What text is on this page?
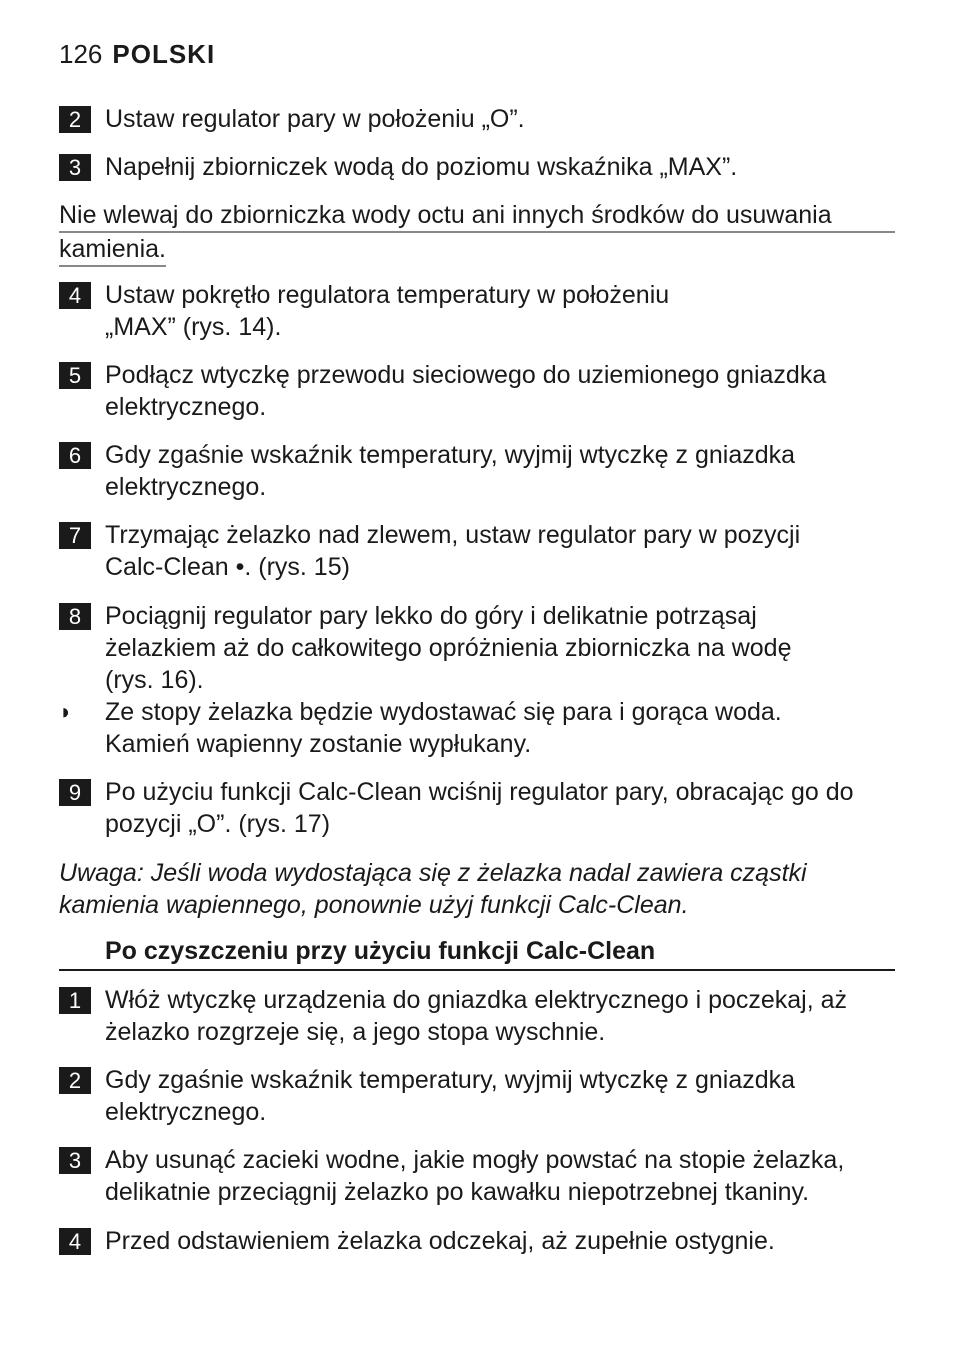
126 POLSKI
2 Ustaw regulator pary w położeniu „O”.
3 Napełnij zbiorniczek wodą do poziomu wskaźnika „MAX”.
Nie wlewaj do zbiorniczka wody octu ani innych środków do usuwania
kamienia.
4 Ustaw pokrętło regulatora temperatury w położeniu „MAX” (rys. 14).
5 Podłącz wtyczkę przewodu sieciowego do uziemionego gniazdka elektrycznego.
6 Gdy zgaśnie wskaźnik temperatury, wyjmij wtyczkę z gniazdka elektrycznego.
7 Trzymając żelazko nad zlewem, ustaw regulator pary w pozycji Calc-Clean •. (rys. 15)
8 Pociągnij regulator pary lekko do góry i delikatnie potrząsaj żelazkiem aż do całkowitego opróżnienia zbiorniczka na wodę (rys. 16).
◗	Ze stopy żelazka będzie wydostawać się para i gorąca woda. Kamień wapienny zostanie wypłukany.
9 Po użyciu funkcji Calc-Clean wciśnij regulator pary, obracając go do pozycji „O”. (rys. 17)
Uwaga: Jeśli woda wydostająca się z żelazka nadal zawiera cząstki kamienia wapiennego, ponownie użyj funkcji Calc-Clean.
Po czyszczeniu przy użyciu funkcji Calc-Clean
1 Włóż wtyczkę urządzenia do gniazdka elektrycznego i poczekaj, aż żelazko rozgrzeje się, a jego stopa wyschnie.
2 Gdy zgaśnie wskaźnik temperatury, wyjmij wtyczkę z gniazdka elektrycznego.
3 Aby usunąć zacieki wodne, jakie mogły powstać na stopie żelazka, delikatnie przeciągnij żelazko po kawałku niepotrzebnej tkaniny.
4 Przed odstawieniem żelazka odczekaj, aż zupełnie ostygnie.
